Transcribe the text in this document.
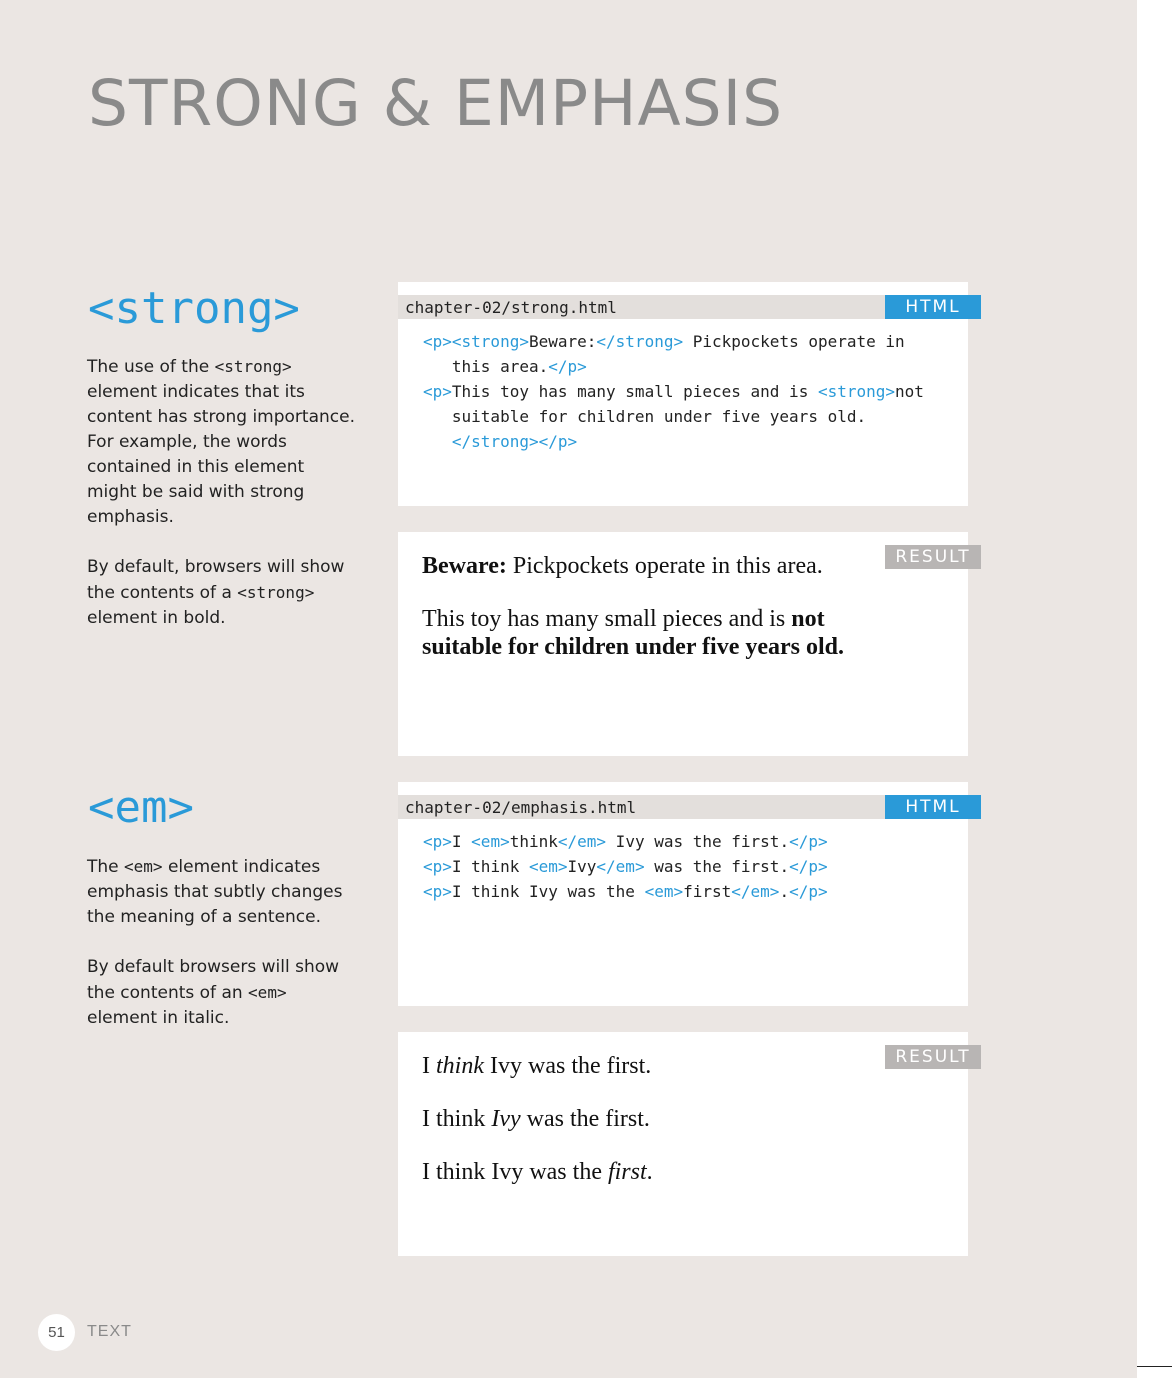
STRONG & EMPHASIS
<strong>

The use of the <strong> element indicates that its content has strong importance. For example, the words contained in this element might be said with strong emphasis.

By default, browsers will show the contents of a <strong> element in bold.

chapter-02/strong.html	HTML
<p><strong>Beware:</strong> Pickpockets operate in
this area.</p>
<p>This toy has many small pieces and is <strong>not
suitable for children under five years old.
</strong></p>
RESULT

Beware: Pickpockets operate in this area.

This toy has many small pieces and is not
suitable for children under five years old.

<em>

The <em> element indicates emphasis that subtly changes the meaning of a sentence.

By default browsers will show the contents of an <em> element in italic.

chapter-02/emphasis.html	HTML
<p>I <em>think</em> Ivy was the first.</p>
<p>I think <em>Ivy</em> was the first.</p>
<p>I think Ivy was the <em>first</em>.</p>
RESULT

I think Ivy was the first.

I think Ivy was the first.

I think Ivy was the first.

51	TEXT
